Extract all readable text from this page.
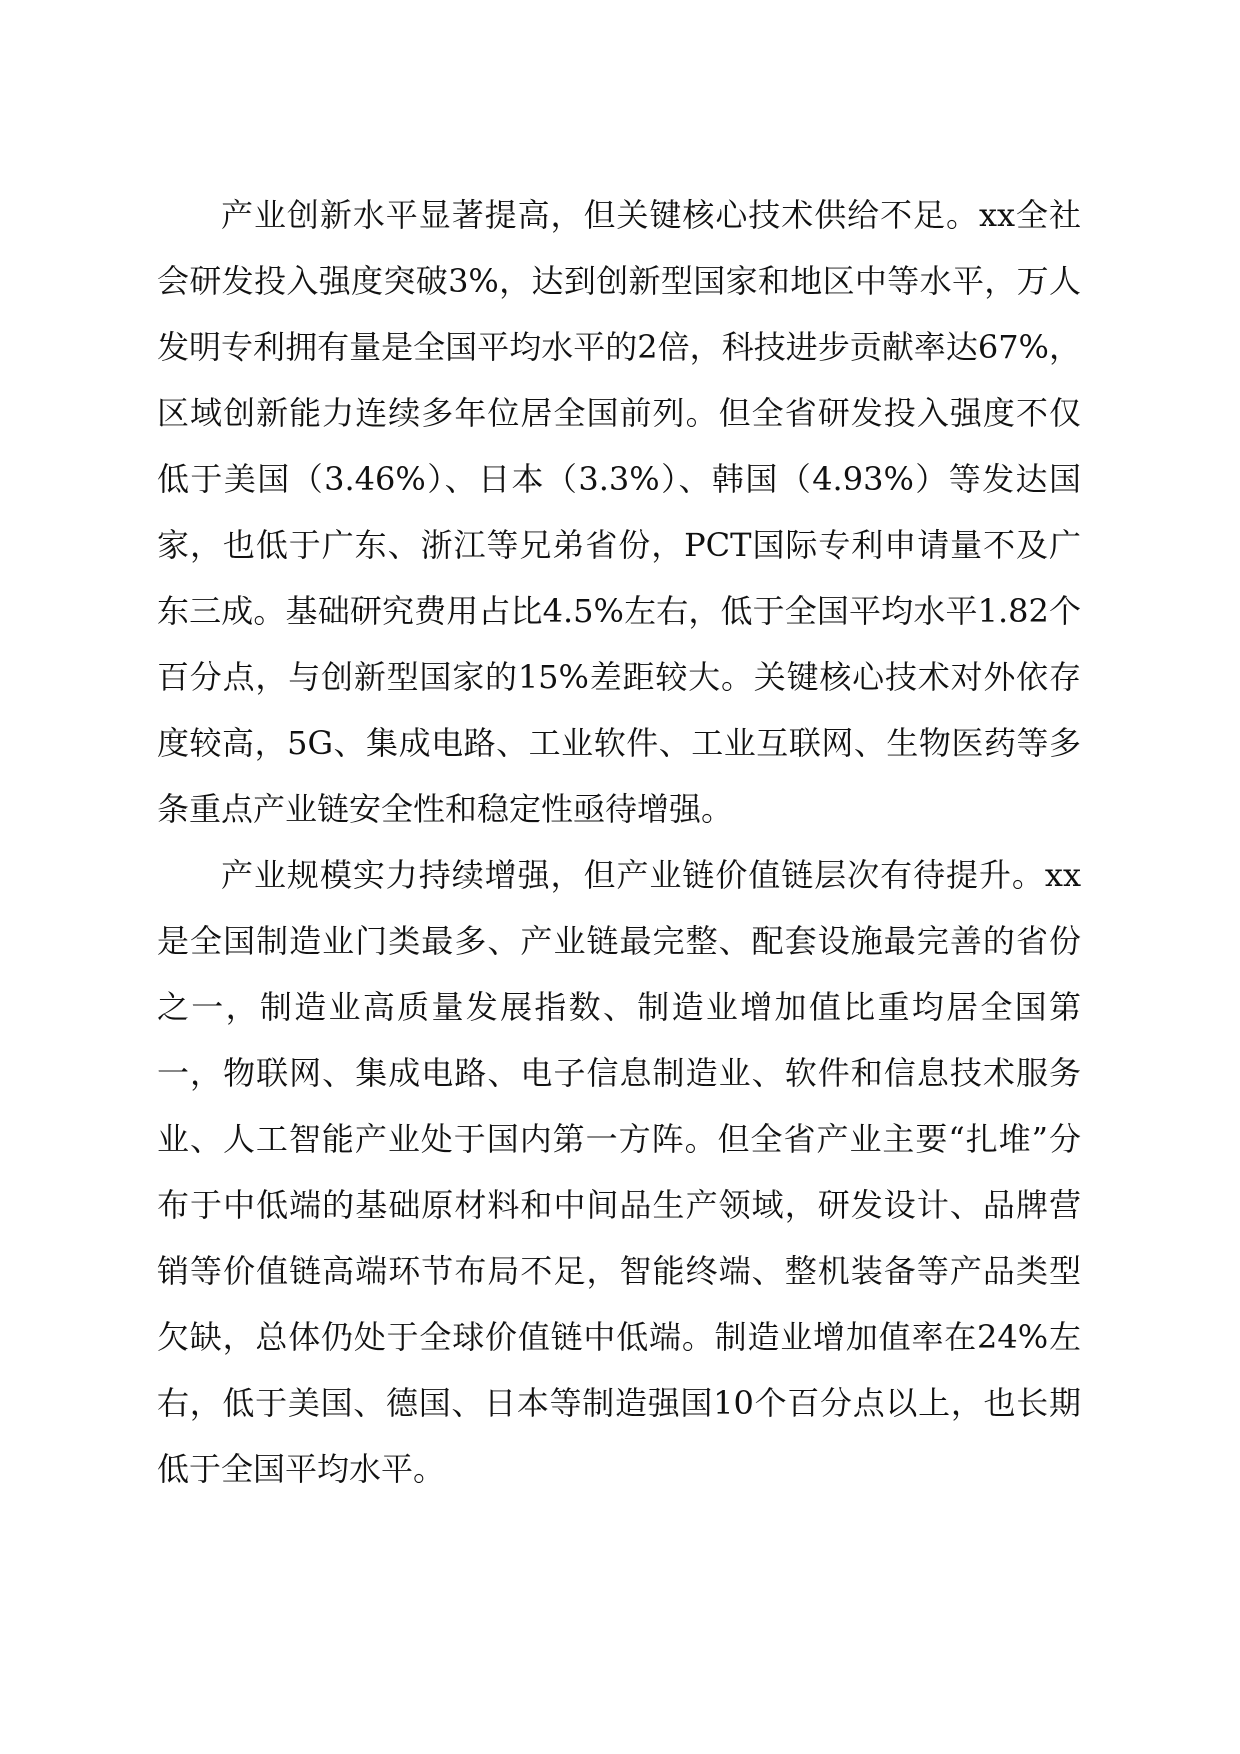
产业创新水平显著提高，但关键核心技术供给不足。xx全社会研发投入强度突破3%，达到创新型国家和地区中等水平，万人发明专利拥有量是全国平均水平的2倍，科技进步贡献率达67%，区域创新能力连续多年位居全国前列。但全省研发投入强度不仅低于美国（3.46%）、日本（3.3%）、韩国（4.93%）等发达国家，也低于广东、浙江等兄弟省份，PCT国际专利申请量不及广东三成。基础研究费用占比4.5%左右，低于全国平均水平1.82个百分点，与创新型国家的15%差距较大。关键核心技术对外依存度较高，5G、集成电路、工业软件、工业互联网、生物医药等多条重点产业链安全性和稳定性亟待增强。

产业规模实力持续增强，但产业链价值链层次有待提升。xx是全国制造业门类最多、产业链最完整、配套设施最完善的省份之一，制造业高质量发展指数、制造业增加值比重均居全国第一，物联网、集成电路、电子信息制造业、软件和信息技术服务业、人工智能产业处于国内第一方阵。但全省产业主要“扎堆”分布于中低端的基础原材料和中间品生产领域，研发设计、品牌营销等价值链高端环节布局不足，智能终端、整机装备等产品类型欠缺，总体仍处于全球价值链中低端。制造业增加值率在24%左右，低于美国、德国、日本等制造强国10个百分点以上，也长期低于全国平均水平。
